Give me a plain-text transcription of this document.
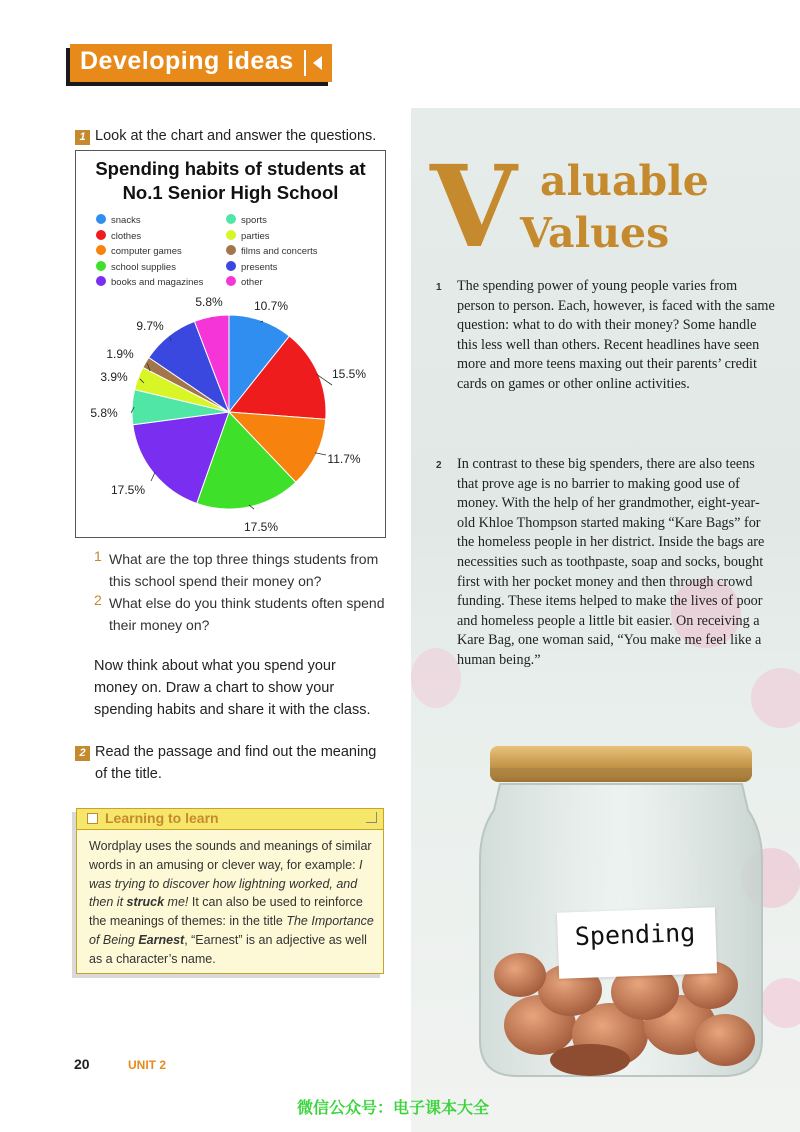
Developing ideas
Spending
1 Look at the chart and answer the questions.
Spending habits of students at
No.1 Senior High School
snacks
clothes
computer games
school supplies
books and magazines
sports
parties
films and concerts
presents
other
10.7%
15.5%
11.7%
17.5%
17.5%
5.8%
3.9%
1.9%
9.7%
5.8%
1 What are the top three things students from
this school spend their money on?
2 What else do you think students often spend
their money on?
Now think about what you spend your
money on. Draw a chart to show your
spending habits and share it with the class.
2 Read the passage and find out the meaning
of the title.
Learning to learn
Wordplay uses the sounds and meanings of similar words in an amusing or clever way, for example: I was trying to discover how lightning worked, and then it struck me! It can also be used to reinforce the meanings of themes: in the title The Importance of Being Earnest, “Earnest” is an adjective as well as a character’s name.
V aluable
Values
1 The spending power of young people varies from person to person. Each, however, is faced with the same question: what to do with their money? Some handle this less well than others. Recent headlines have seen more and more teens maxing out their parents’ credit cards on games or other online activities.
2 In contrast to these big spenders, there are also teens that prove age is no barrier to making good use of money. With the help of her grandmother, eight-year-old Khloe Thompson started making “Kare Bags” for the homeless people in her district. Inside the bags are necessities such as toothpaste, soap and socks, bought first with her pocket money and then through crowd funding. These items helped to make the lives of poor and homeless people a little bit easier. On receiving a Kare Bag, one woman said, “You make me feel like a human being.”
20	UNIT 2
微信公众号：电子课本大全
